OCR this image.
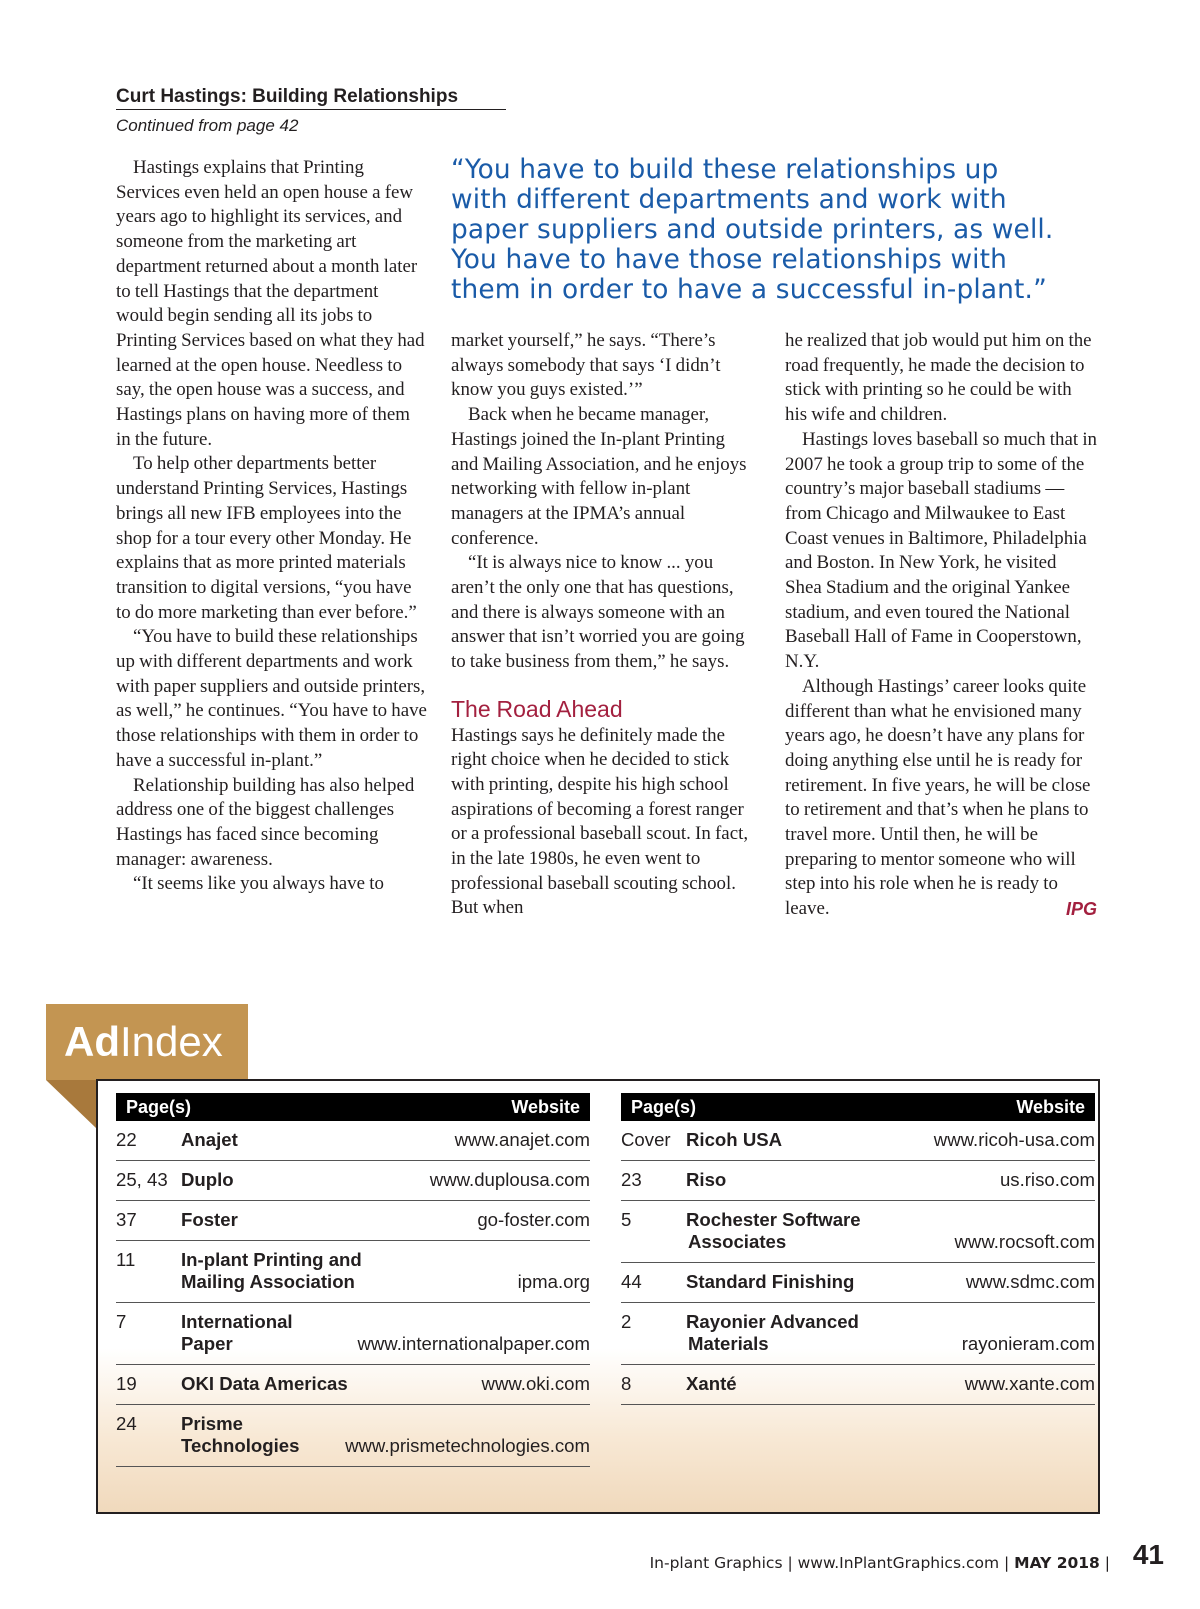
Curt Hastings: Building Relationships
Continued from page 42

Hastings explains that Printing Services even held an open house a few years ago to highlight its services, and someone from the marketing art department returned about a month later to tell Hastings that the department would begin sending all its jobs to Printing Services based on what they had learned at the open house. Needless to say, the open house was a success, and Hastings plans on having more of them in the future.

To help other departments better understand Printing Services, Hastings brings all new IFB employees into the shop for a tour every other Monday. He explains that as more printed materials transition to digital versions, “you have to do more marketing than ever before.”

“You have to build these relationships up with different departments and work with paper suppliers and outside printers, as well,” he continues. “You have to have those relationships with them in order to have a successful in-plant.”

Relationship building has also helped address one of the biggest challenges Hastings has faced since becoming manager: awareness.

“It seems like you always have to

“You have to build these relationships up
with different departments and work with
paper suppliers and outside printers, as well.
You have to have those relationships with
them in order to have a successful in-plant.”

market yourself,” he says. “There’s always somebody that says ‘I didn’t know you guys existed.’”

Back when he became manager, Hastings joined the In-plant Printing and Mailing Association, and he enjoys networking with fellow in-plant managers at the IPMA’s annual conference.

“It is always nice to know ... you aren’t the only one that has questions, and there is always someone with an answer that isn’t worried you are going to take business from them,” he says.

The Road Ahead

Hastings says he definitely made the right choice when he decided to stick with printing, despite his high school aspirations of becoming a forest ranger or a professional baseball scout. In fact, in the late 1980s, he even went to professional baseball scouting school. But when

he realized that job would put him on the road frequently, he made the decision to stick with printing so he could be with his wife and children.

Hastings loves baseball so much that in 2007 he took a group trip to some of the country’s major baseball stadiums — from Chicago and Milwaukee to East Coast venues in Baltimore, Philadelphia and Boston. In New York, he visited Shea Stadium and the original Yankee stadium, and even toured the National Baseball Hall of Fame in Cooperstown, N.Y.

Although Hastings’ career looks quite different than what he envisioned many years ago, he doesn’t have any plans for doing anything else until he is ready for retirement. In five years, he will be close to retirement and that’s when he plans to travel more. Until then, he will be preparing to mentor someone who will step into his role when he is ready to leave.	IPG

Ad Index
Page(s)	Website
22 Anajet	www.anajet.com
25, 43 Duplo	www.duplousa.com
37 Foster	go-foster.com
11 In-plant Printing and
Mailing Association	ipma.org
7	International
Paper	www.internationalpaper.com
19 OKI Data Americas	www.oki.com
24 Prisme
Technologies www.prismetechnologies.com
Page(s)	Website
Cover Ricoh USA	www.ricoh-usa.com
23 Riso	us.riso.com
5	Rochester Software
Associates	www.rocsoft.com
44 Standard Finishing	www.sdmc.com
2	Rayonier Advanced
Materials	rayonieram.com
8	Xanté	www.xante.com
In-plant Graphics | www.InPlantGraphics.com | MAY 2018 | 41
